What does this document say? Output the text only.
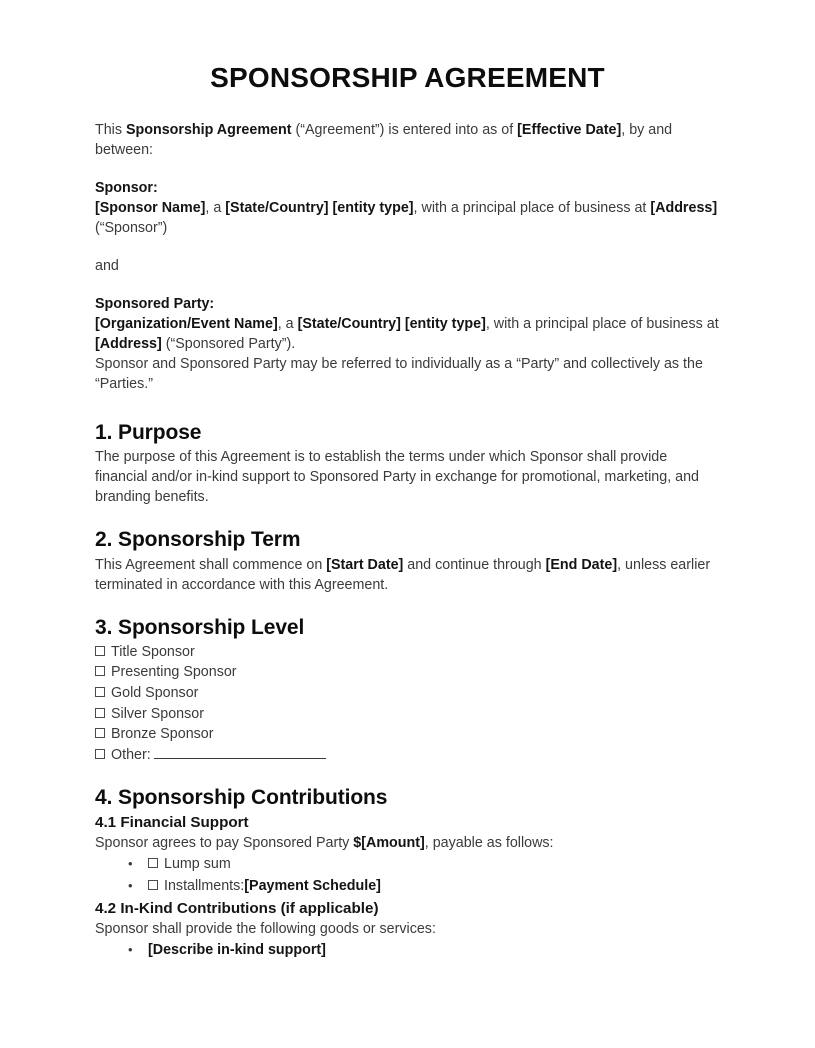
SPONSORSHIP AGREEMENT

This Sponsorship Agreement (“Agreement”) is entered into as of [Effective Date], by and between:

Sponsor:
[Sponsor Name], a [State/Country] [entity type], with a principal place of business at [Address] (“Sponsor”)

and

Sponsored Party:
[Organization/Event Name], a [State/Country] [entity type], with a principal place of business at [Address] (“Sponsored Party”).
Sponsor and Sponsored Party may be referred to individually as a “Party” and collectively as the “Parties.”

1. Purpose

The purpose of this Agreement is to establish the terms under which Sponsor shall provide financial and/or in-kind support to Sponsored Party in exchange for promotional, marketing, and branding benefits.

2. Sponsorship Term

This Agreement shall commence on [Start Date] and continue through [End Date], unless earlier terminated in accordance with this Agreement.

3. Sponsorship Level
Title Sponsor
Presenting Sponsor
Gold Sponsor
Silver Sponsor
Bronze Sponsor
Other:
4. Sponsorship Contributions
4.1 Financial Support

Sponsor agrees to pay Sponsored Party $[Amount], payable as follows:

•
Lump sum
•
Installments: [Payment Schedule]
4.2 In-Kind Contributions (if applicable)

Sponsor shall provide the following goods or services:

•
[Describe in-kind support]
